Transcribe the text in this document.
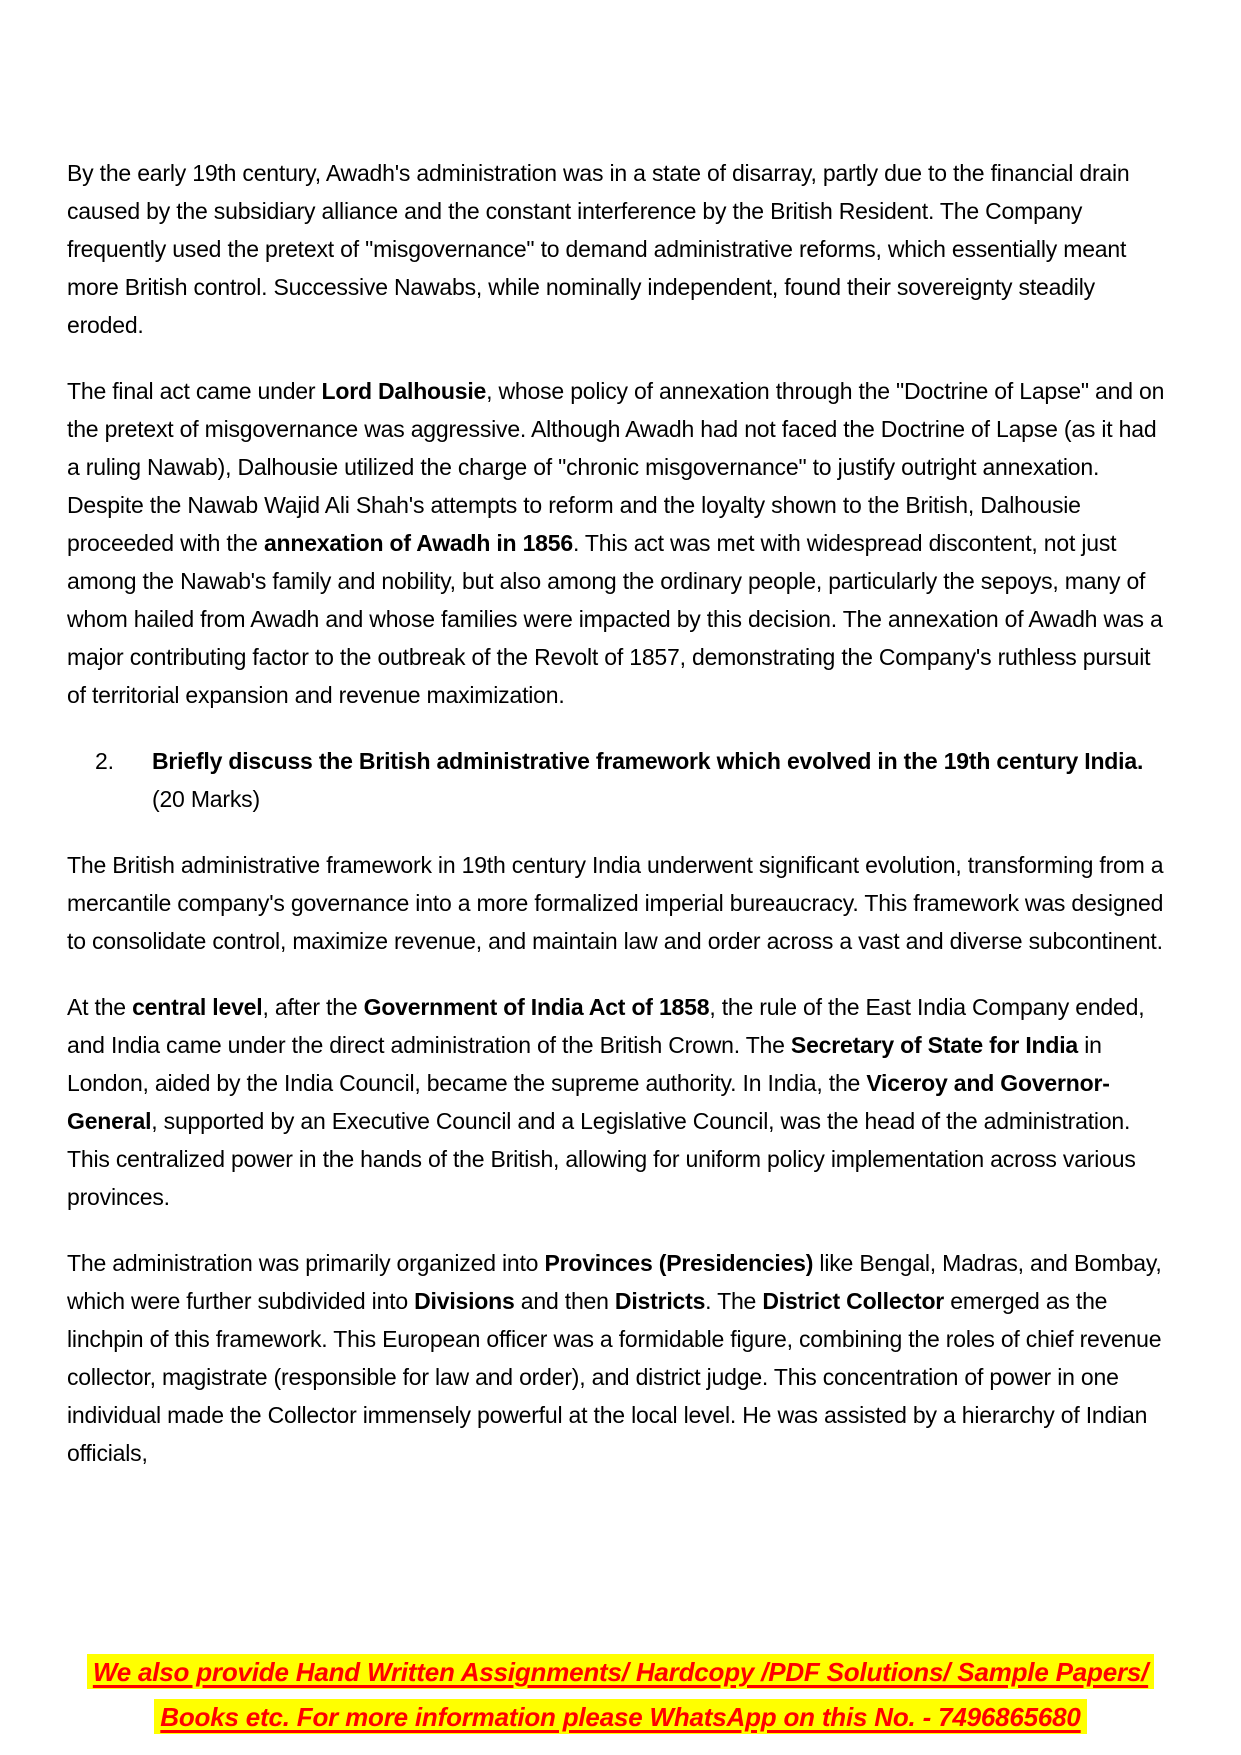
By the early 19th century, Awadh's administration was in a state of disarray, partly due to the financial drain caused by the subsidiary alliance and the constant interference by the British Resident. The Company frequently used the pretext of "misgovernance" to demand administrative reforms, which essentially meant more British control. Successive Nawabs, while nominally independent, found their sovereignty steadily eroded.

The final act came under Lord Dalhousie, whose policy of annexation through the "Doctrine of Lapse" and on the pretext of misgovernance was aggressive. Although Awadh had not faced the Doctrine of Lapse (as it had a ruling Nawab), Dalhousie utilized the charge of "chronic misgovernance" to justify outright annexation. Despite the Nawab Wajid Ali Shah's attempts to reform and the loyalty shown to the British, Dalhousie proceeded with the annexation of Awadh in 1856. This act was met with widespread discontent, not just among the Nawab's family and nobility, but also among the ordinary people, particularly the sepoys, many of whom hailed from Awadh and whose families were impacted by this decision. The annexation of Awadh was a major contributing factor to the outbreak of the Revolt of 1857, demonstrating the Company's ruthless pursuit of territorial expansion and revenue maximization.

2.	Briefly discuss the British administrative framework which evolved in the 19th century India. (20 Marks)

The British administrative framework in 19th century India underwent significant evolution, transforming from a mercantile company's governance into a more formalized imperial bureaucracy. This framework was designed to consolidate control, maximize revenue, and maintain law and order across a vast and diverse subcontinent.

At the central level, after the Government of India Act of 1858, the rule of the East India Company ended, and India came under the direct administration of the British Crown. The Secretary of State for India in London, aided by the India Council, became the supreme authority. In India, the Viceroy and Governor-General, supported by an Executive Council and a Legislative Council, was the head of the administration. This centralized power in the hands of the British, allowing for uniform policy implementation across various provinces.

The administration was primarily organized into Provinces (Presidencies) like Bengal, Madras, and Bombay, which were further subdivided into Divisions and then Districts. The District Collector emerged as the linchpin of this framework. This European officer was a formidable figure, combining the roles of chief revenue collector, magistrate (responsible for law and order), and district judge. This concentration of power in one individual made the Collector immensely powerful at the local level. He was assisted by a hierarchy of Indian officials,

We also provide Hand Written Assignments/ Hardcopy /PDF Solutions/ Sample Papers/
Books etc. For more information please WhatsApp on this No. - 7496865680
